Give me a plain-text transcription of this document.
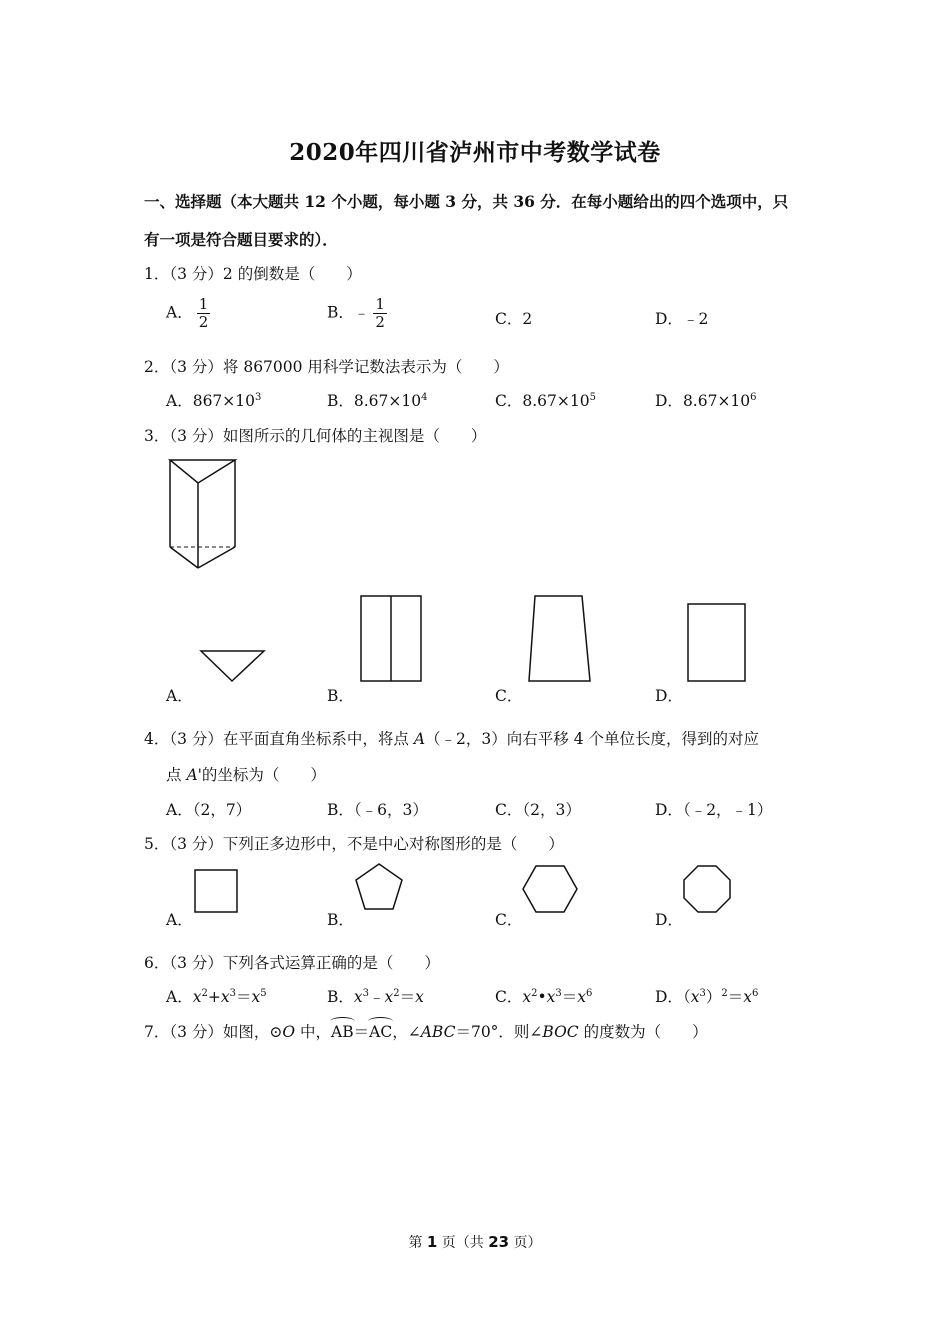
2020年四川省泸州市中考数学试卷
一、选择题（本大题共 12 个小题，每小题 3 分，共 36 分．在每小题给出的四个选项中，只
有一项是符合题目要求的）．
1．（3 分）2 的倒数是（　　）
A． $\frac{1}{2}$	B．﹣ $\frac{1}{2}$	C．2	D．﹣2
2．（3 分）将 867000 用科学记数法表示为（　　）
A．$867\times 10^3$	B．$8.67\times 10^4$	C．$8.67\times 10^5$	D．$8.67\times 10^6$
3．（3 分）如图所示的几何体的主视图是（　　）
A．	B．	C．	D．
4．（3 分）在平面直角坐标系中，将点 A（﹣2，3）向右平移 4 个单位长度，得到的对应
点 A'的坐标为（　　）
A．（2，7）	B．（﹣6，3）	C．（2，3）	D．（﹣2，﹣1）
5．（3 分）下列正多边形中，不是中心对称图形的是（　　）
A．	B．	C．	D．
6．（3 分）下列各式运算正确的是（　　）
A．$x^2+x^3=x^5$	B．$x^3﹣x^2=x$	C．$x^2•x^3=x^6$	D．$(x^3)^2=x^6$
7．（3 分）如图，⊙O 中，AB＝AC，∠ABC＝70°．则∠BOC 的度数为（　　）
第 1 页（共 23 页）
